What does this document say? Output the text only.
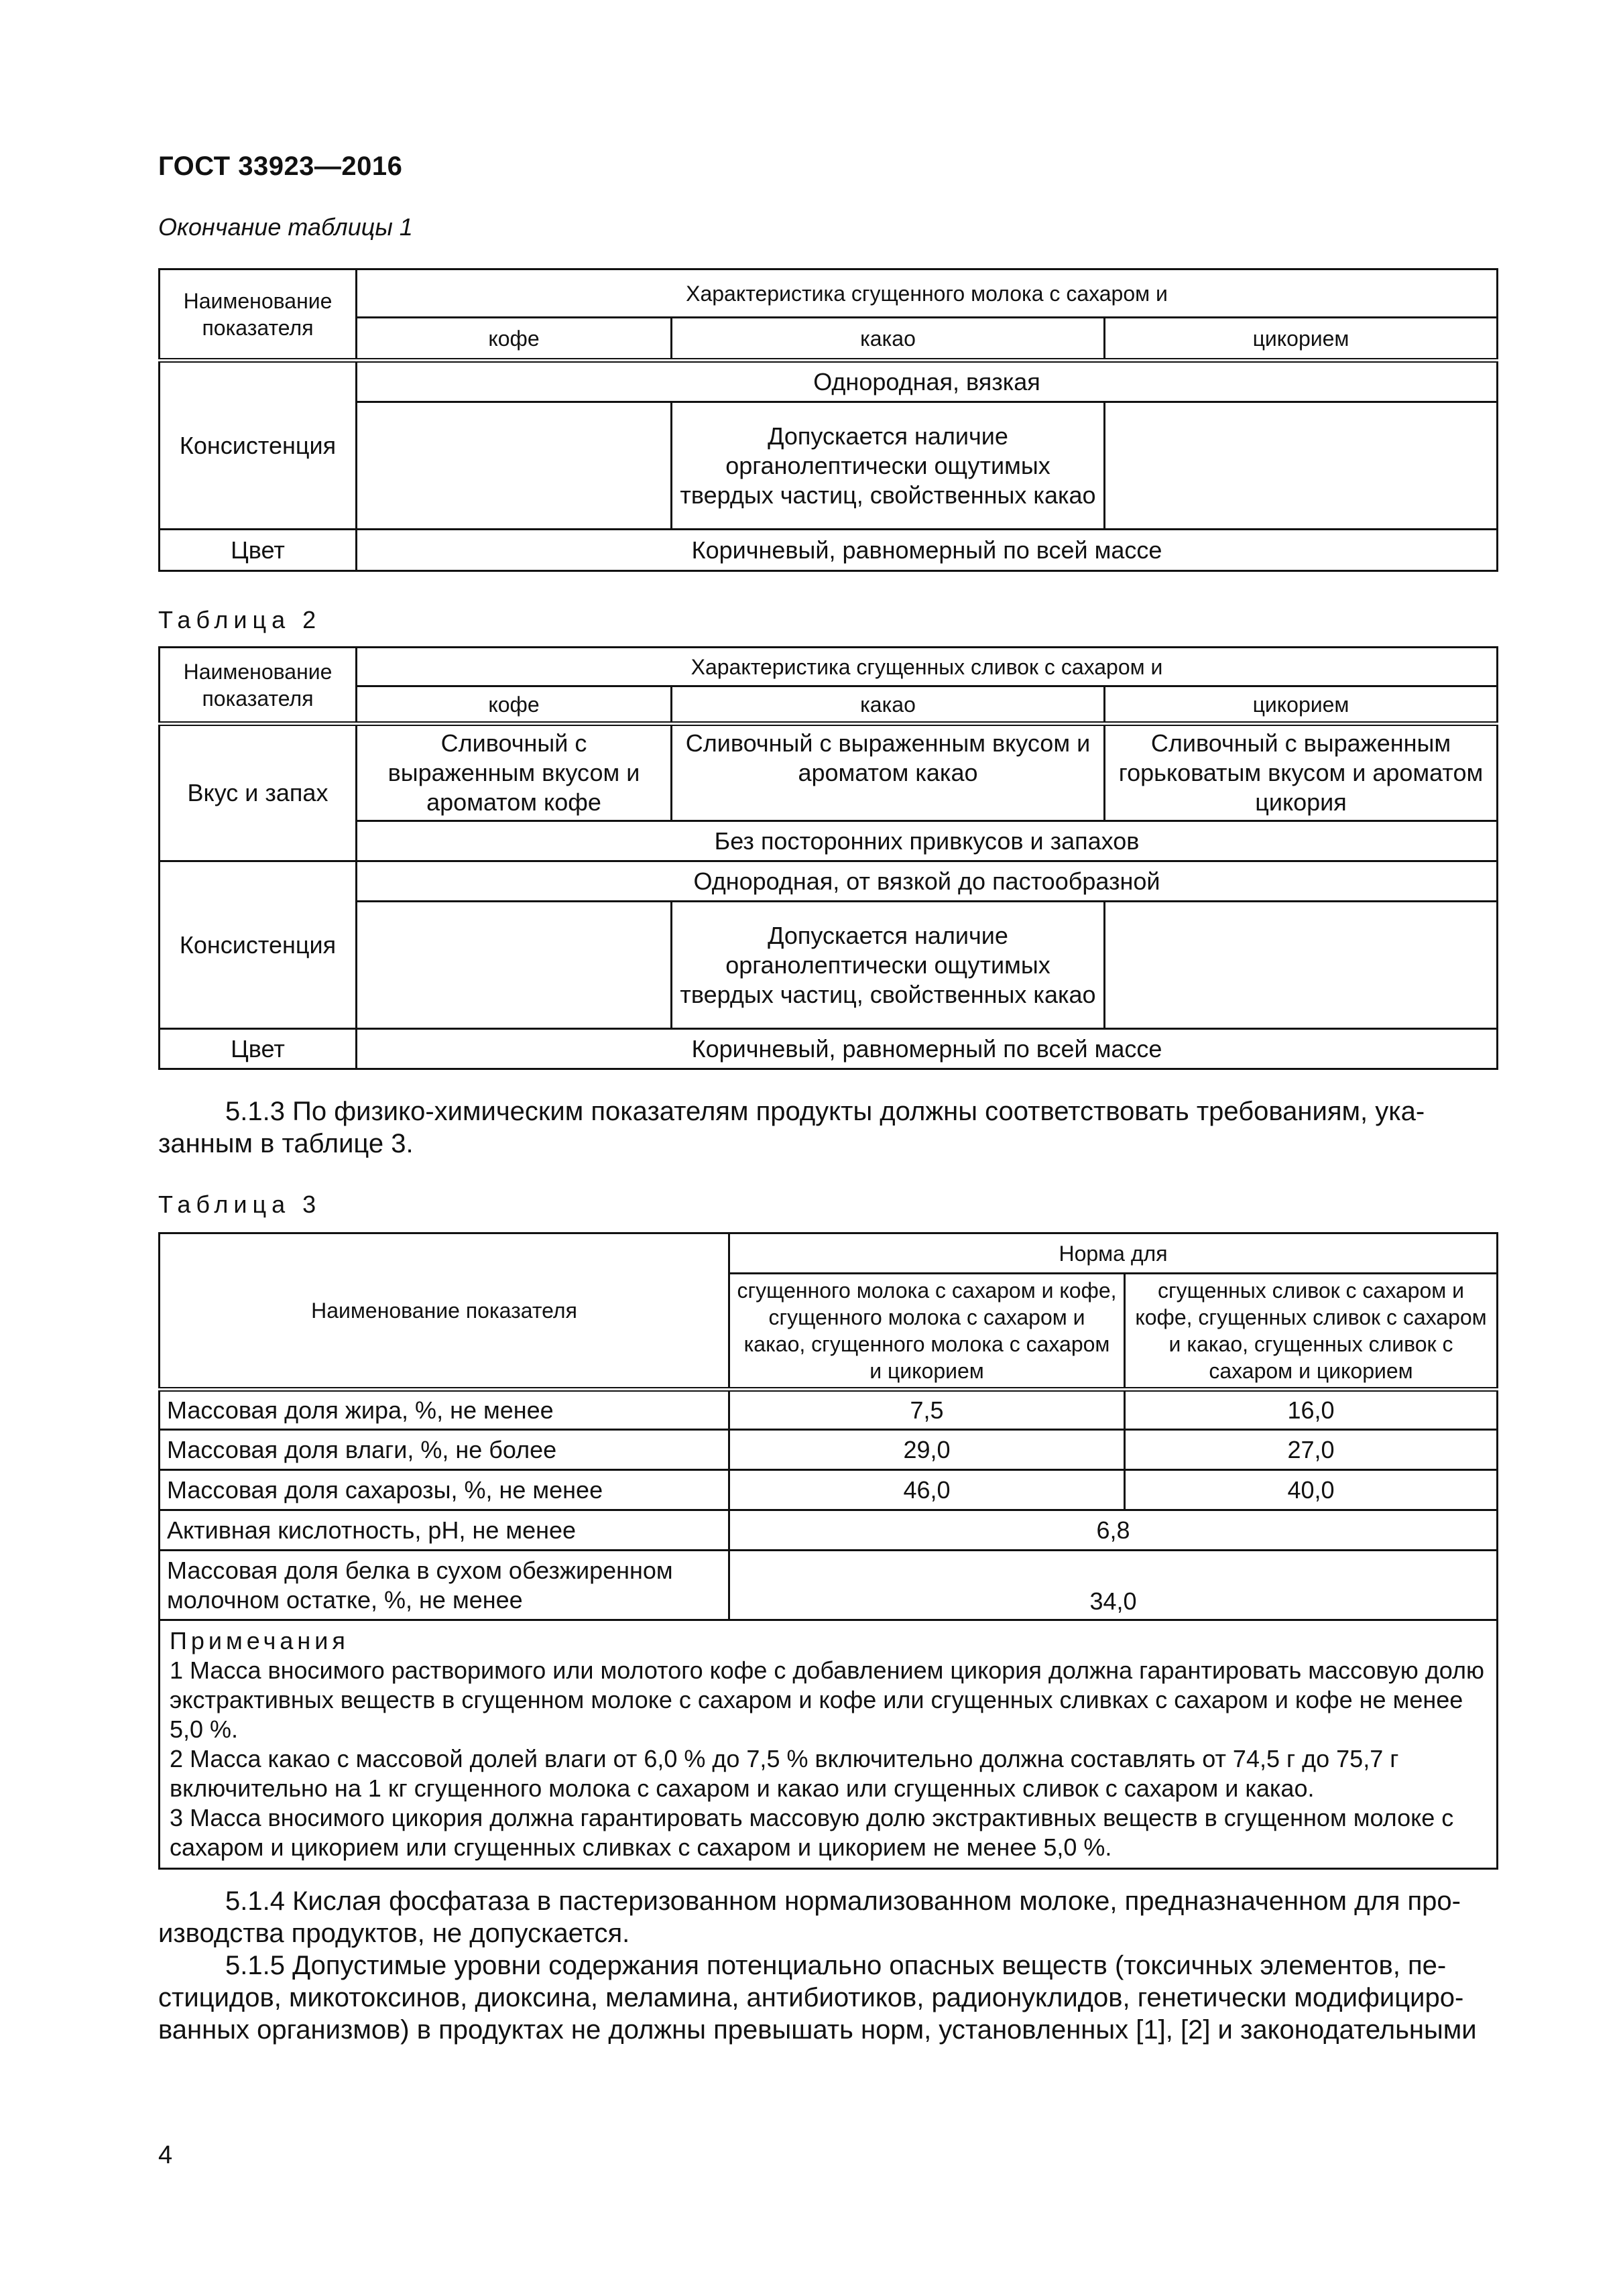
ГОСТ 33923—2016
Окончание таблицы 1
Наименование показателя	Характеристика сгущенного молока с сахаром и		
	кофе	какао	цикорием
Консистенция	Однородная, вязкая		
		Допускается наличие органолептически ощутимых твердых частиц, свойственных какао	
Цвет	Коричневый, равномерный по всей массе		
Таблица 2
Наименование показателя	Характеристика сгущенных сливок с сахаром и		
	кофе	какао	цикорием
Вкус и запах	Сливочный с выраженным вкусом и ароматом кофе	Сливочный с выраженным вкусом и ароматом какао	Сливочный с выраженным горьковатым вкусом и ароматом цикория
	Без посторонних привкусов и запахов		
Консистенция	Однородная, от вязкой до пастообразной		
		Допускается наличие органолептически ощутимых твердых частиц, свойственных какао	
Цвет	Коричневый, равномерный по всей массе		
5.1.3 По физико-химическим показателям продукты должны соответствовать требованиям, ука-
занным в таблице 3.
Таблица 3
Наименование показателя	Норма для	
	сгущенного молока с сахаром и кофе, сгущенного молока с сахаром и какао, сгущенного молока с сахаром и цикорием	сгущенных сливок с сахаром и кофе, сгущенных сливок с сахаром и какао, сгущенных сливок с сахаром и цикорием
Массовая доля жира, %, не менее	7,5	16,0
Массовая доля влаги, %, не более	29,0	27,0
Массовая доля сахарозы, %, не менее	46,0	40,0
Активная кислотность, pH, не менее	6,8	
Массовая доля белка в сухом обезжиренном молочном остатке, %, не менее	34,0	

Примечания
1 Масса вносимого растворимого или молотого кофе с добавлением цикория должна гарантировать массовую долю экстрактивных веществ в сгущенном молоке с сахаром и кофе или сгущенных сливках с сахаром и кофе не менее 5,0 %.
2 Масса какао с массовой долей влаги от 6,0 % до 7,5 % включительно должна составлять от 74,5 г до 75,7 г включительно на 1 кг сгущенного молока с сахаром и какао или сгущенных сливок с сахаром и какао.
3 Масса вносимого цикория должна гарантировать массовую долю экстрактивных веществ в сгущенном молоке с сахаром и цикорием или сгущенных сливках с сахаром и цикорием не менее 5,0 %.		
5.1.4 Кислая фосфатаза в пастеризованном нормализованном молоке, предназначенном для про-
изводства продуктов, не допускается.
5.1.5 Допустимые уровни содержания потенциально опасных веществ (токсичных элементов, пе-
стицидов, микотоксинов, диоксина, меламина, антибиотиков, радионуклидов, генетически модифициро-
ванных организмов) в продуктах не должны превышать норм, установленных [1], [2] и законодательными
4
